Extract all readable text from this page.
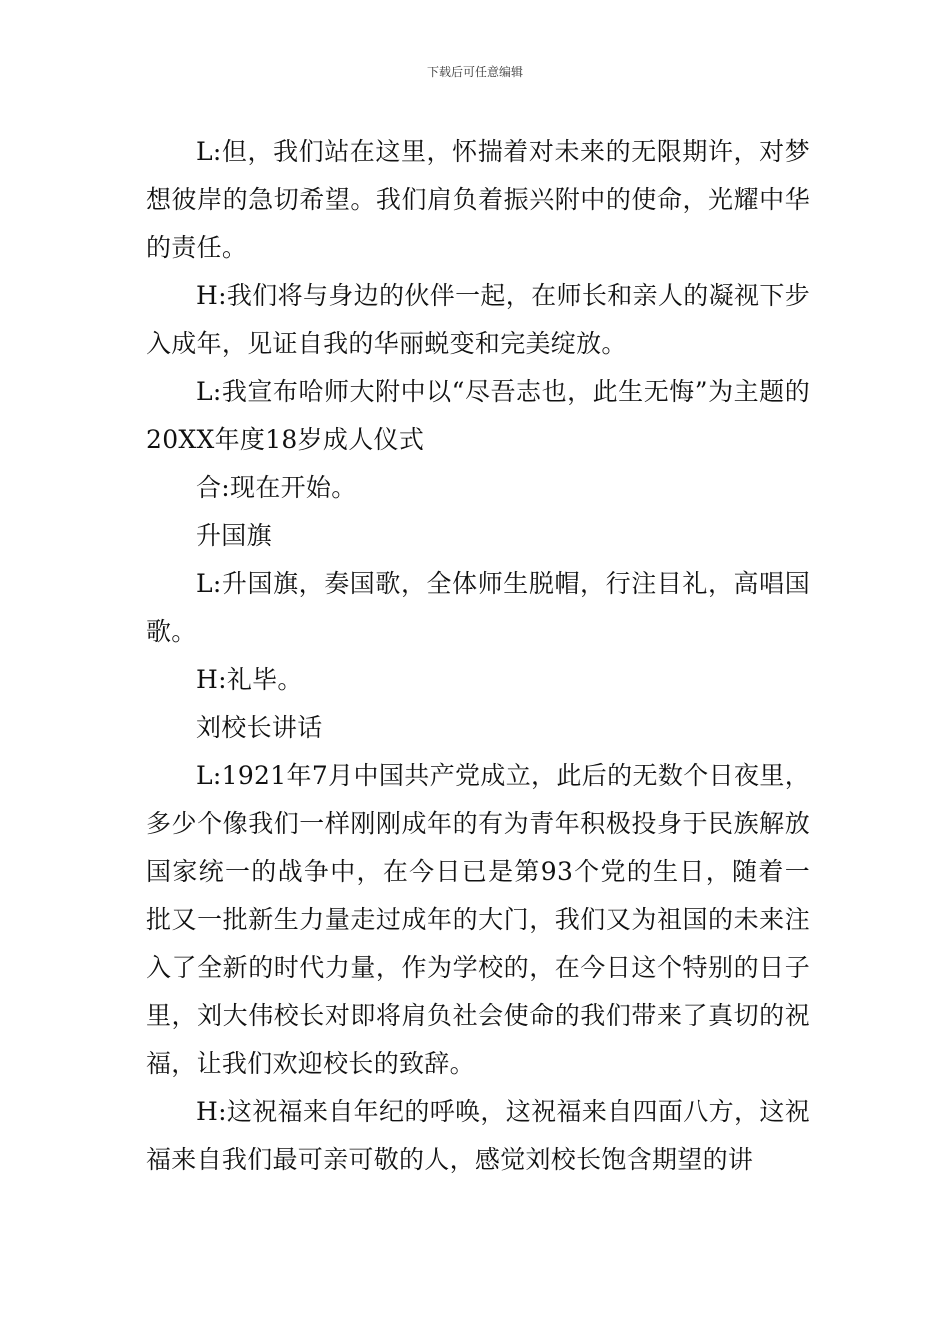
下载后可任意编辑

L:但，我们站在这里，怀揣着对未来的无限期许，对梦想彼岸的急切希望。我们肩负着振兴附中的使命，光耀中华的责任。

H:我们将与身边的伙伴一起，在师长和亲人的凝视下步入成年，见证自我的华丽蜕变和完美绽放。

L:我宣布哈师大附中以“尽吾志也，此生无悔”为主题的20XX年度18岁成人仪式

合:现在开始。

升国旗

L:升国旗，奏国歌，全体师生脱帽，行注目礼，高唱国歌。

H:礼毕。

刘校长讲话

L:1921年7月中国共产党成立，此后的无数个日夜里，多少个像我们一样刚刚成年的有为青年积极投身于民族解放国家统一的战争中，在今日已是第93个党的生日，随着一批又一批新生力量走过成年的大门，我们又为祖国的未来注入了全新的时代力量，作为学校的，在今日这个特别的日子里，刘大伟校长对即将肩负社会使命的我们带来了真切的祝福，让我们欢迎校长的致辞。

H:这祝福来自年纪的呼唤，这祝福来自四面八方，这祝福来自我们最可亲可敬的人，感觉刘校长饱含期望的讲
